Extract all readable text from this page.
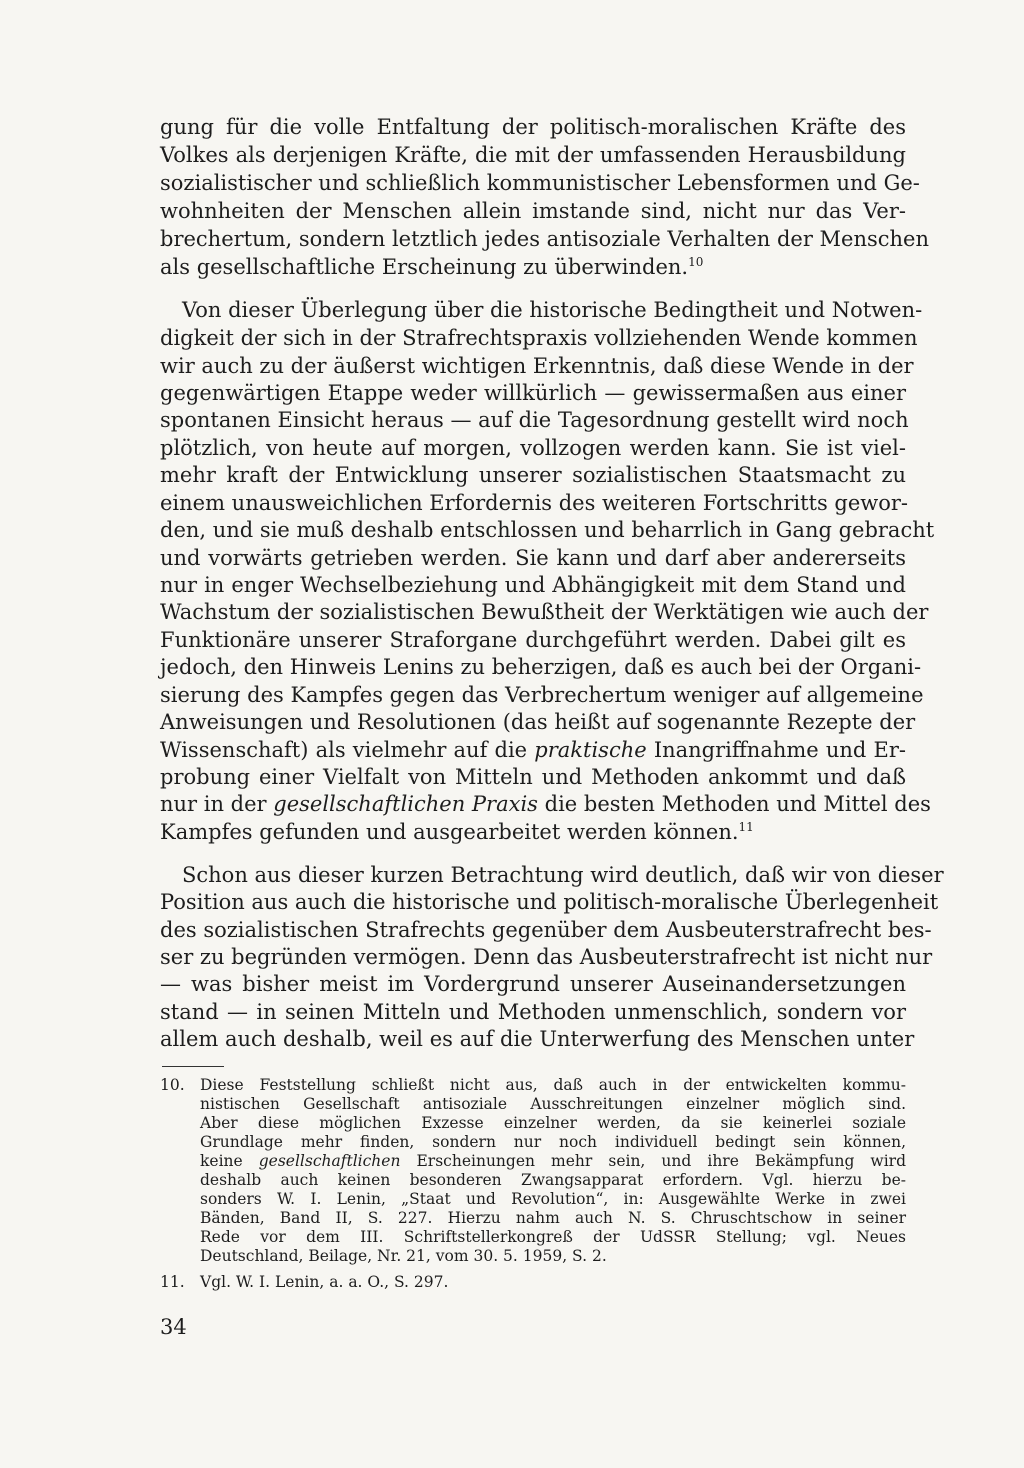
gung für die volle Entfaltung der politisch-moralischen Kräfte des
Volkes als derjenigen Kräfte, die mit der umfassenden Herausbildung
sozialistischer und schließlich kommunistischer Lebensformen und Ge-
wohnheiten der Menschen allein imstande sind, nicht nur das Ver-
brechertum, sondern letztlich jedes antisoziale Verhalten der Menschen
als gesellschaftliche Erscheinung zu überwinden.$^{10}$
Von dieser Überlegung über die historische Bedingtheit und Notwen-
digkeit der sich in der Strafrechtspraxis vollziehenden Wende kommen
wir auch zu der äußerst wichtigen Erkenntnis, daß diese Wende in der
gegenwärtigen Etappe weder willkürlich — gewissermaßen aus einer
spontanen Einsicht heraus — auf die Tagesordnung gestellt wird noch
plötzlich, von heute auf morgen, vollzogen werden kann. Sie ist viel-
mehr kraft der Entwicklung unserer sozialistischen Staatsmacht zu
einem unausweichlichen Erfordernis des weiteren Fortschritts gewor-
den, und sie muß deshalb entschlossen und beharrlich in Gang gebracht
und vorwärts getrieben werden. Sie kann und darf aber andererseits
nur in enger Wechselbeziehung und Abhängigkeit mit dem Stand und
Wachstum der sozialistischen Bewußtheit der Werktätigen wie auch der
Funktionäre unserer Straforgane durchgeführt werden. Dabei gilt es
jedoch, den Hinweis Lenins zu beherzigen, daß es auch bei der Organi-
sierung des Kampfes gegen das Verbrechertum weniger auf allgemeine
Anweisungen und Resolutionen (das heißt auf sogenannte Rezepte der
Wissenschaft) als vielmehr auf die praktische Inangriffnahme und Er-
probung einer Vielfalt von Mitteln und Methoden ankommt und daß
nur in der gesellschaftlichen Praxis die besten Methoden und Mittel des
Kampfes gefunden und ausgearbeitet werden können.$^{11}$
Schon aus dieser kurzen Betrachtung wird deutlich, daß wir von dieser
Position aus auch die historische und politisch-moralische Überlegenheit
des sozialistischen Strafrechts gegenüber dem Ausbeuterstrafrecht bes-
ser zu begründen vermögen. Denn das Ausbeuterstrafrecht ist nicht nur
— was bisher meist im Vordergrund unserer Auseinandersetzungen
stand — in seinen Mitteln und Methoden unmenschlich, sondern vor
allem auch deshalb, weil es auf die Unterwerfung des Menschen unter
10. Diese Feststellung schließt nicht aus, daß auch in der entwickelten kommu-
nistischen Gesellschaft antisoziale Ausschreitungen einzelner möglich sind.
Aber diese möglichen Exzesse einzelner werden, da sie keinerlei soziale
Grundlage mehr finden, sondern nur noch individuell bedingt sein können,
keine gesellschaftlichen Erscheinungen mehr sein, und ihre Bekämpfung wird
deshalb auch keinen besonderen Zwangsapparat erfordern. Vgl. hierzu be-
sonders W. I. Lenin, „Staat und Revolution“, in: Ausgewählte Werke in zwei
Bänden, Band II, S. 227. Hierzu nahm auch N. S. Chruschtschow in seiner
Rede vor dem III. Schriftstellerkongreß der UdSSR Stellung; vgl. Neues
Deutschland, Beilage, Nr. 21, vom 30. 5. 1959, S. 2.
11. Vgl. W. I. Lenin, a. a. O., S. 297.
34
